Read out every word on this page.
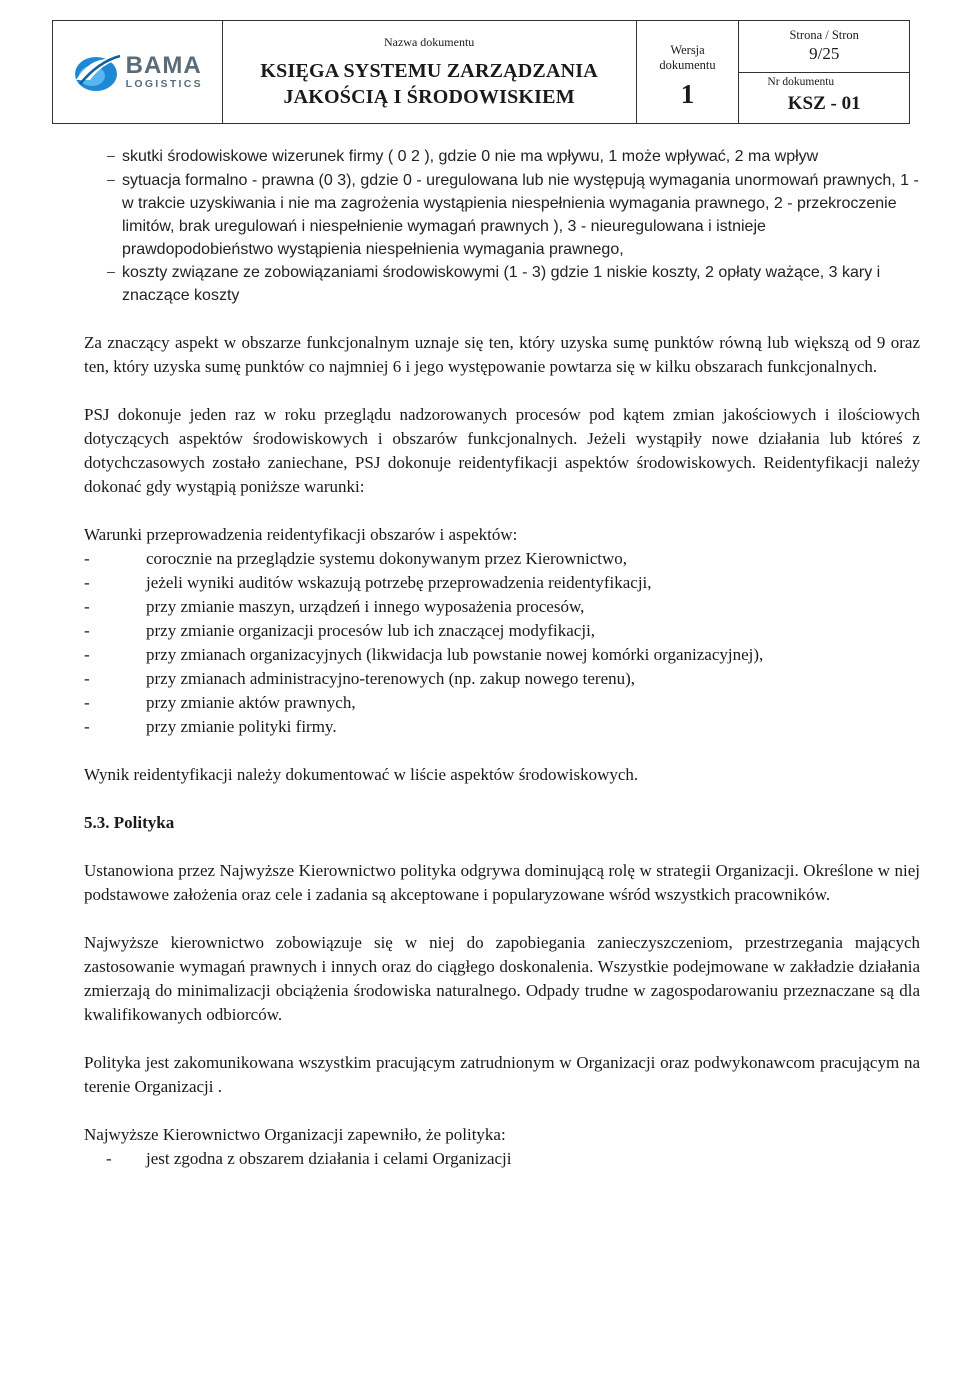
BAMA
LOGISTICS
Nazwa dokumentu
KSIĘGA SYSTEMU ZARZĄDZANIA
JAKOŚCIĄ I ŚRODOWISKIEM
Wersja
dokumentu
1
Strona / Stron
9/25
Nr dokumentu
KSZ - 01
− skutki środowiskowe wizerunek firmy ( 0 2 ), gdzie 0 nie ma wpływu, 1 może wpływać, 2 ma wpływ
− sytuacja formalno - prawna (0 3), gdzie 0 - uregulowana lub nie występują wymagania unormowań prawnych, 1 - w trakcie uzyskiwania i nie ma zagrożenia wystąpienia niespełnienia wymagania prawnego, 2 - przekroczenie limitów, brak uregulowań i niespełnienie wymagań prawnych ), 3 - nieuregulowana i istnieje prawdopodobieństwo wystąpienia niespełnienia wymagania prawnego,
− koszty związane ze zobowiązaniami środowiskowymi (1 - 3) gdzie 1 niskie koszty, 2 opłaty ważące, 3 kary i znaczące koszty

Za znaczący aspekt w obszarze funkcjonalnym uznaje się ten, który uzyska sumę punktów równą lub większą od 9 oraz ten, który uzyska sumę punktów co najmniej 6 i jego występowanie powtarza się w kilku obszarach funkcjonalnych.

PSJ dokonuje jeden raz w roku przeglądu nadzorowanych procesów pod kątem zmian jakościowych i ilościowych dotyczących aspektów środowiskowych i obszarów funkcjonalnych. Jeżeli wystąpiły nowe działania lub któreś z dotychczasowych zostało zaniechane, PSJ dokonuje reidentyfikacji aspektów środowiskowych. Reidentyfikacji należy dokonać gdy wystąpią poniższe warunki:

Warunki przeprowadzenia reidentyfikacji obszarów i aspektów:

-	corocznie na przeglądzie systemu dokonywanym przez Kierownictwo,
-	jeżeli wyniki auditów wskazują potrzebę przeprowadzenia reidentyfikacji,
-	przy zmianie maszyn, urządzeń i innego wyposażenia procesów,
-	przy zmianie organizacji procesów lub ich znaczącej modyfikacji,
-	przy zmianach organizacyjnych (likwidacja lub powstanie nowej komórki organizacyjnej),
-	przy zmianach administracyjno-terenowych (np. zakup nowego terenu),
-	przy zmianie aktów prawnych,
-	przy zmianie polityki firmy.

Wynik reidentyfikacji należy dokumentować w liście aspektów środowiskowych.

5.3. Polityka

Ustanowiona przez Najwyższe Kierownictwo polityka odgrywa dominującą rolę w strategii Organizacji. Określone w niej podstawowe założenia oraz cele i zadania są akceptowane i popularyzowane wśród wszystkich pracowników.

Najwyższe kierownictwo zobowiązuje się w niej do zapobiegania zanieczyszczeniom, przestrzegania mających zastosowanie wymagań prawnych i innych oraz do ciągłego doskonalenia. Wszystkie podejmowane w zakładzie działania zmierzają do minimalizacji obciążenia środowiska naturalnego. Odpady trudne w zagospodarowaniu przeznaczane są dla kwalifikowanych odbiorców.

Polityka jest zakomunikowana wszystkim pracującym zatrudnionym w Organizacji oraz podwykonawcom pracującym na terenie Organizacji .

Najwyższe Kierownictwo Organizacji zapewniło, że polityka:

-	jest zgodna z obszarem działania i celami Organizacji
